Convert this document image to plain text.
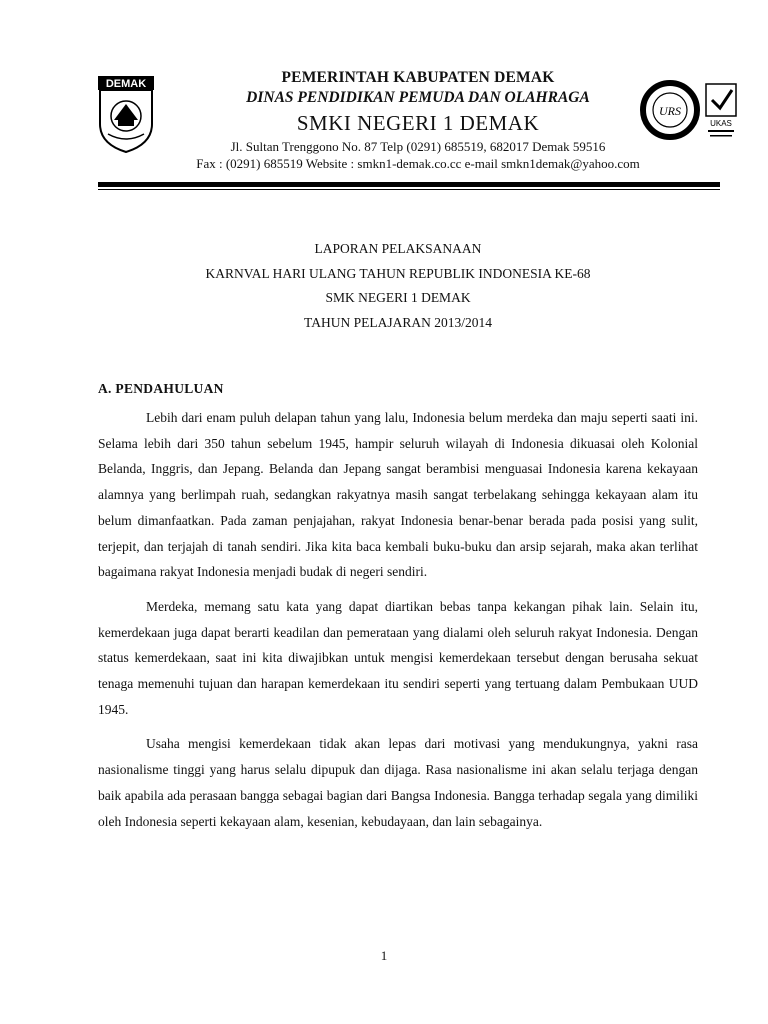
DEMAK	PEMERINTAH KABUPATEN DEMAK
DINAS PENDIDIKAN PEMUDA DAN OLAHRAGA
SMKI NEGERI 1 DEMAK
Jl. Sultan Trenggono No. 87 Telp (0291) 685519, 682017 Demak 59516
Fax : (0291) 685519 Website : smkn1-demak.co.cc e-mail smkn1demak@yahoo.com
URS
UKAS
LAPORAN PELAKSANAAN
KARNVAL HARI ULANG TAHUN REPUBLIK INDONESIA KE-68
SMK NEGERI 1 DEMAK
TAHUN PELAJARAN 2013/2014
A. PENDAHULUAN

Lebih dari enam puluh delapan tahun yang lalu, Indonesia belum merdeka dan maju seperti saati ini. Selama lebih dari 350 tahun sebelum 1945, hampir seluruh wilayah di Indonesia dikuasai oleh Kolonial Belanda, Inggris, dan Jepang. Belanda dan Jepang sangat berambisi menguasai Indonesia karena kekayaan alamnya yang berlimpah ruah, sedangkan rakyatnya masih sangat terbelakang sehingga kekayaan alam itu belum dimanfaatkan. Pada zaman penjajahan, rakyat Indonesia benar-benar berada pada posisi yang sulit, terjepit, dan terjajah di tanah sendiri. Jika kita baca kembali buku-buku dan arsip sejarah, maka akan terlihat bagaimana rakyat Indonesia menjadi budak di negeri sendiri.

Merdeka, memang satu kata yang dapat diartikan bebas tanpa kekangan pihak lain. Selain itu, kemerdekaan juga dapat berarti keadilan dan pemerataan yang dialami oleh seluruh rakyat Indonesia. Dengan status kemerdekaan, saat ini kita diwajibkan untuk mengisi kemerdekaan tersebut dengan berusaha sekuat tenaga memenuhi tujuan dan harapan kemerdekaan itu sendiri seperti yang tertuang dalam Pembukaan UUD 1945.

Usaha mengisi kemerdekaan tidak akan lepas dari motivasi yang mendukungnya, yakni rasa nasionalisme tinggi yang harus selalu dipupuk dan dijaga. Rasa nasionalisme ini akan selalu terjaga dengan baik apabila ada perasaan bangga sebagai bagian dari Bangsa Indonesia. Bangga terhadap segala yang dimiliki oleh Indonesia seperti kekayaan alam, kesenian, kebudayaan, dan lain sebagainya.

1
